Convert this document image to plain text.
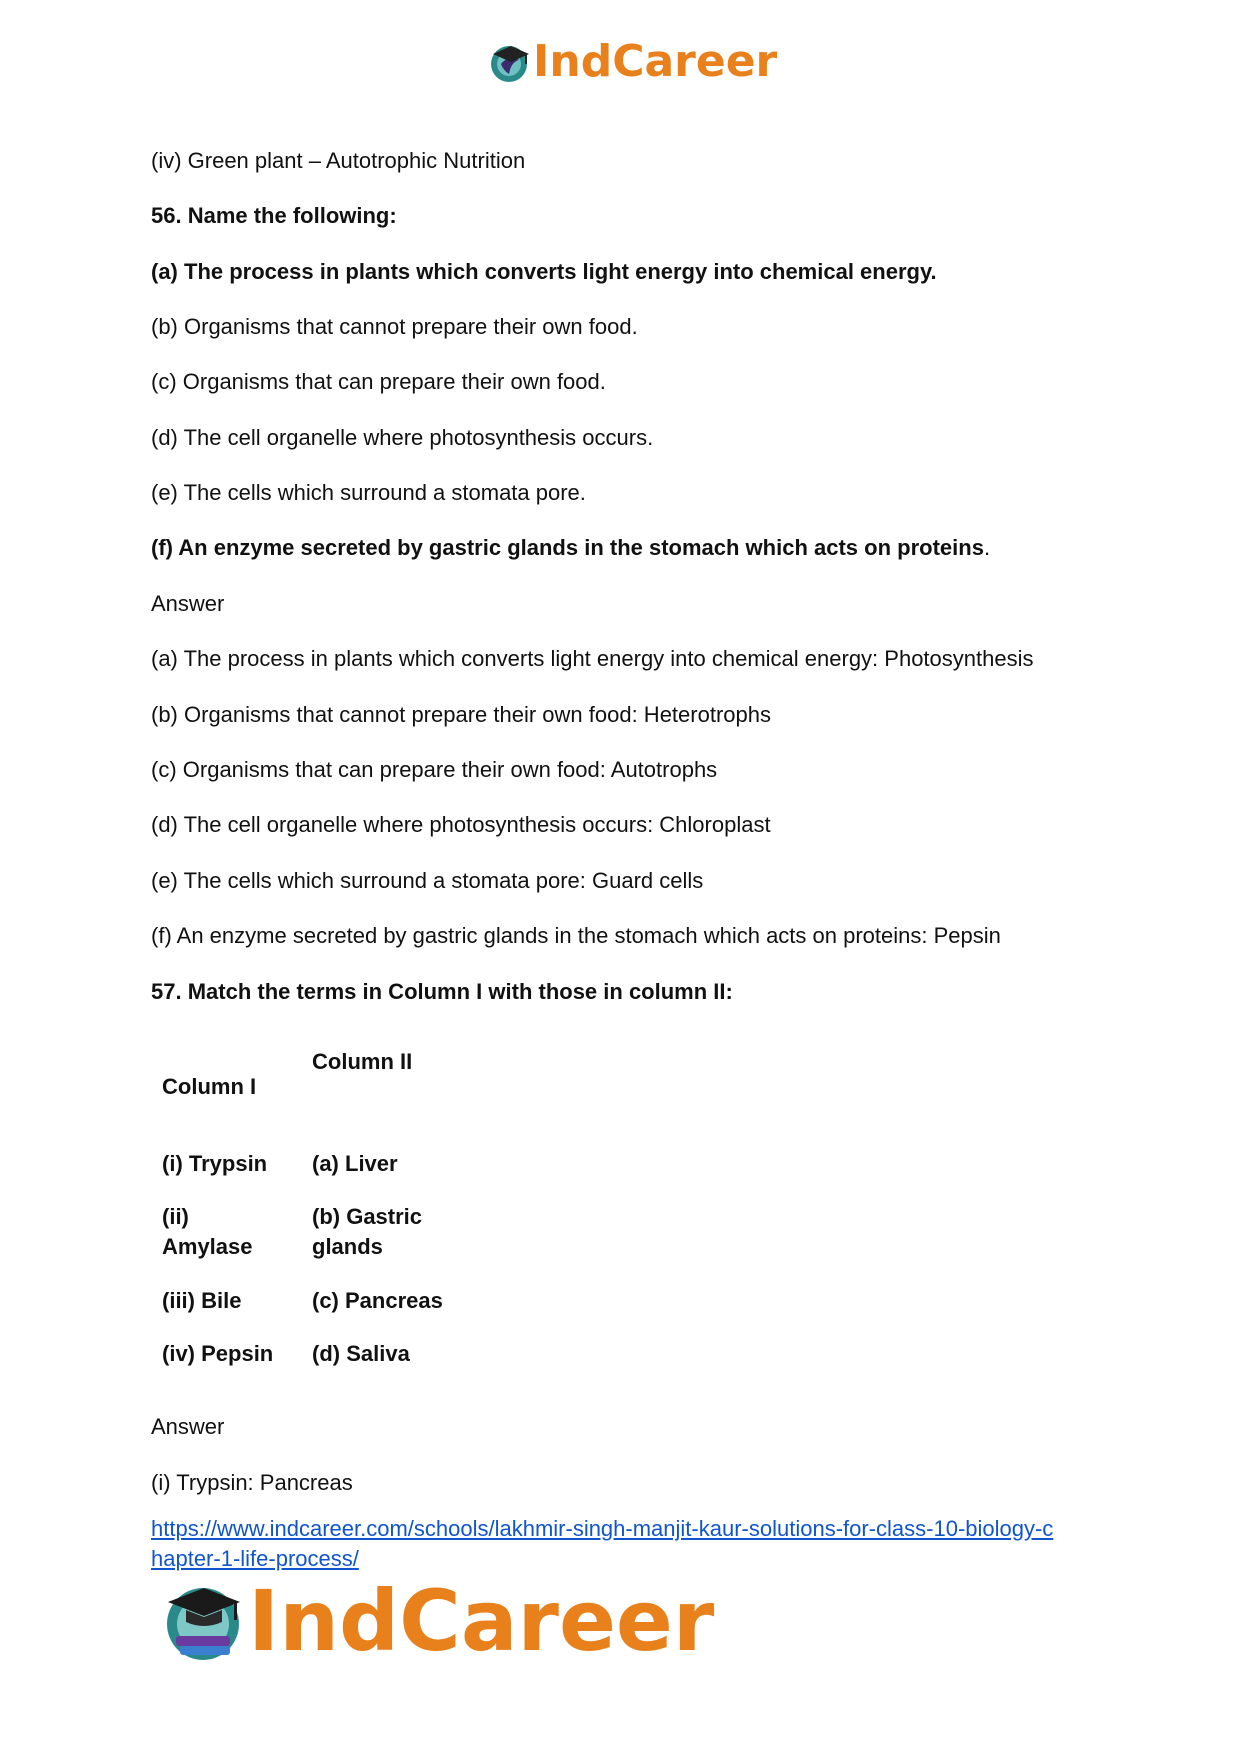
IndCareer
(iv) Green plant – Autotrophic Nutrition
56. Name the following:
(a) The process in plants which converts light energy into chemical energy.
(b) Organisms that cannot prepare their own food.
(c) Organisms that can prepare their own food.
(d) The cell organelle where photosynthesis occurs.
(e) The cells which surround a stomata pore.
(f) An enzyme secreted by gastric glands in the stomach which acts on proteins.
Answer
(a) The process in plants which converts light energy into chemical energy: Photosynthesis
(b) Organisms that cannot prepare their own food: Heterotrophs
(c) Organisms that can prepare their own food: Autotrophs
(d) The cell organelle where photosynthesis occurs: Chloroplast
(e) The cells which surround a stomata pore: Guard cells
(f) An enzyme secreted by gastric glands in the stomach which acts on proteins: Pepsin
57. Match the terms in Column I with those in column II:
Column I
Column II
(i) Trypsin (a) Liver
(ii)
Amylase
(b) Gastric
glands
(iii) Bile	(c) Pancreas
(iv) Pepsin (d) Saliva
Answer
(i) Trypsin: Pancreas
https://www.indcareer.com/schools/lakhmir-singh-manjit-kaur-solutions-for-class-10-biology-c
hapter-1-life-process/
IndCareer
